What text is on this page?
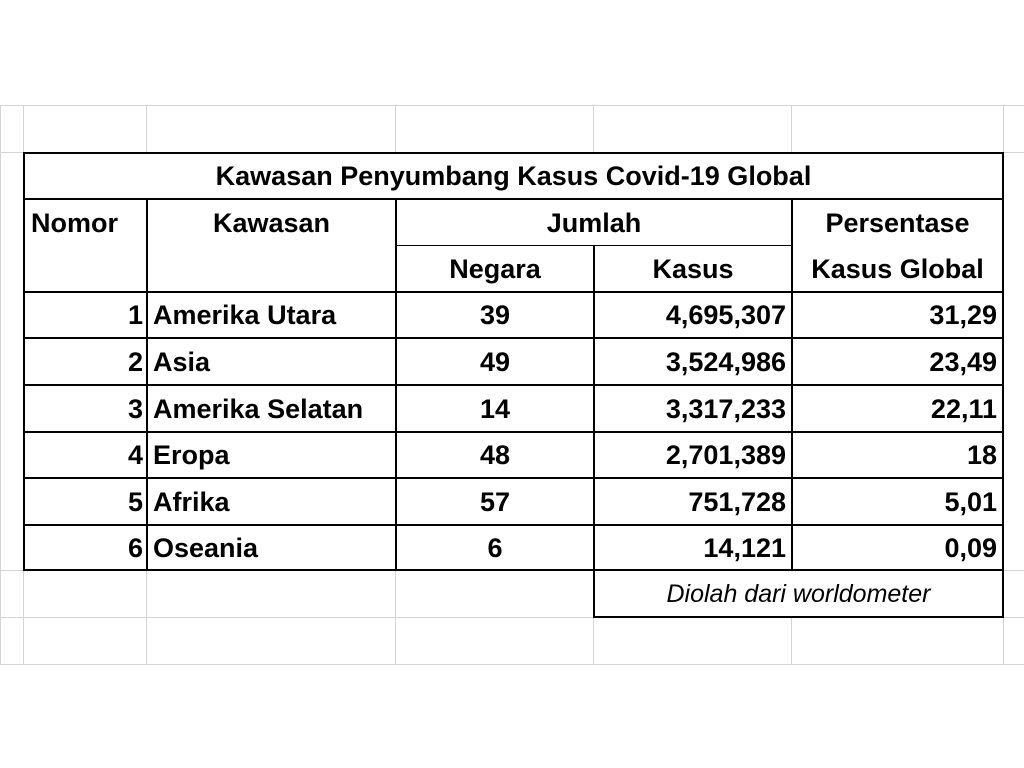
Kawasan Penyumbang Kasus Covid-19 Global
Nomor	Kawasan	Jumlah	Persentase
Negara	Kasus	Kasus Global
1 Amerika Utara	39	4,695,307	31,29
2 Asia	49	3,524,986	23,49
3 Amerika Selatan	14	3,317,233	22,11
4 Eropa	48	2,701,389	18
5 Afrika	57	751,728	5,01
6 Oseania	6	14,121	0,09
Diolah dari worldometer
